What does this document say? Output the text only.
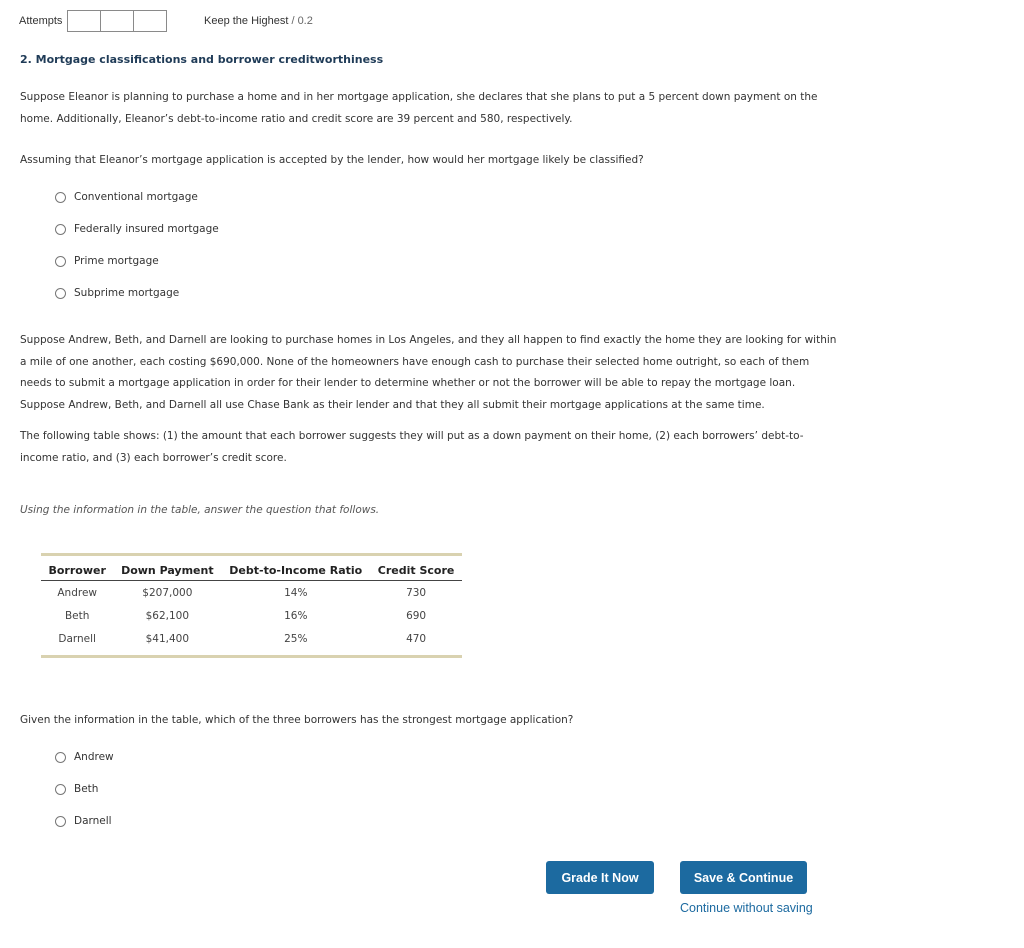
Attempts	Keep the Highest / 0.2
2. Mortgage classifications and borrower creditworthiness
Suppose Eleanor is planning to purchase a home and in her mortgage application, she declares that she plans to put a 5 percent down payment on the home. Additionally, Eleanor’s debt-to-income ratio and credit score are 39 percent and 580, respectively.
Assuming that Eleanor’s mortgage application is accepted by the lender, how would her mortgage likely be classified?
Conventional mortgage
Federally insured mortgage
Prime mortgage
Subprime mortgage
Suppose Andrew, Beth, and Darnell are looking to purchase homes in Los Angeles, and they all happen to find exactly the home they are looking for within a mile of one another, each costing $690,000. None of the homeowners have enough cash to purchase their selected home outright, so each of them needs to submit a mortgage application in order for their lender to determine whether or not the borrower will be able to repay the mortgage loan. Suppose Andrew, Beth, and Darnell all use Chase Bank as their lender and that they all submit their mortgage applications at the same time.
The following table shows: (1) the amount that each borrower suggests they will put as a down payment on their home, (2) each borrowers’ debt-to-income ratio, and (3) each borrower’s credit score.
Using the information in the table, answer the question that follows.
Borrower	Down Payment	Debt-to-Income Ratio	Credit Score
Andrew	$207,000	14%	730
Beth	$62,100	16%	690
Darnell	$41,400	25%	470
Given the information in the table, which of the three borrowers has the strongest mortgage application?
Andrew
Beth
Darnell
Grade It Now	Save & Continue
Continue without saving
